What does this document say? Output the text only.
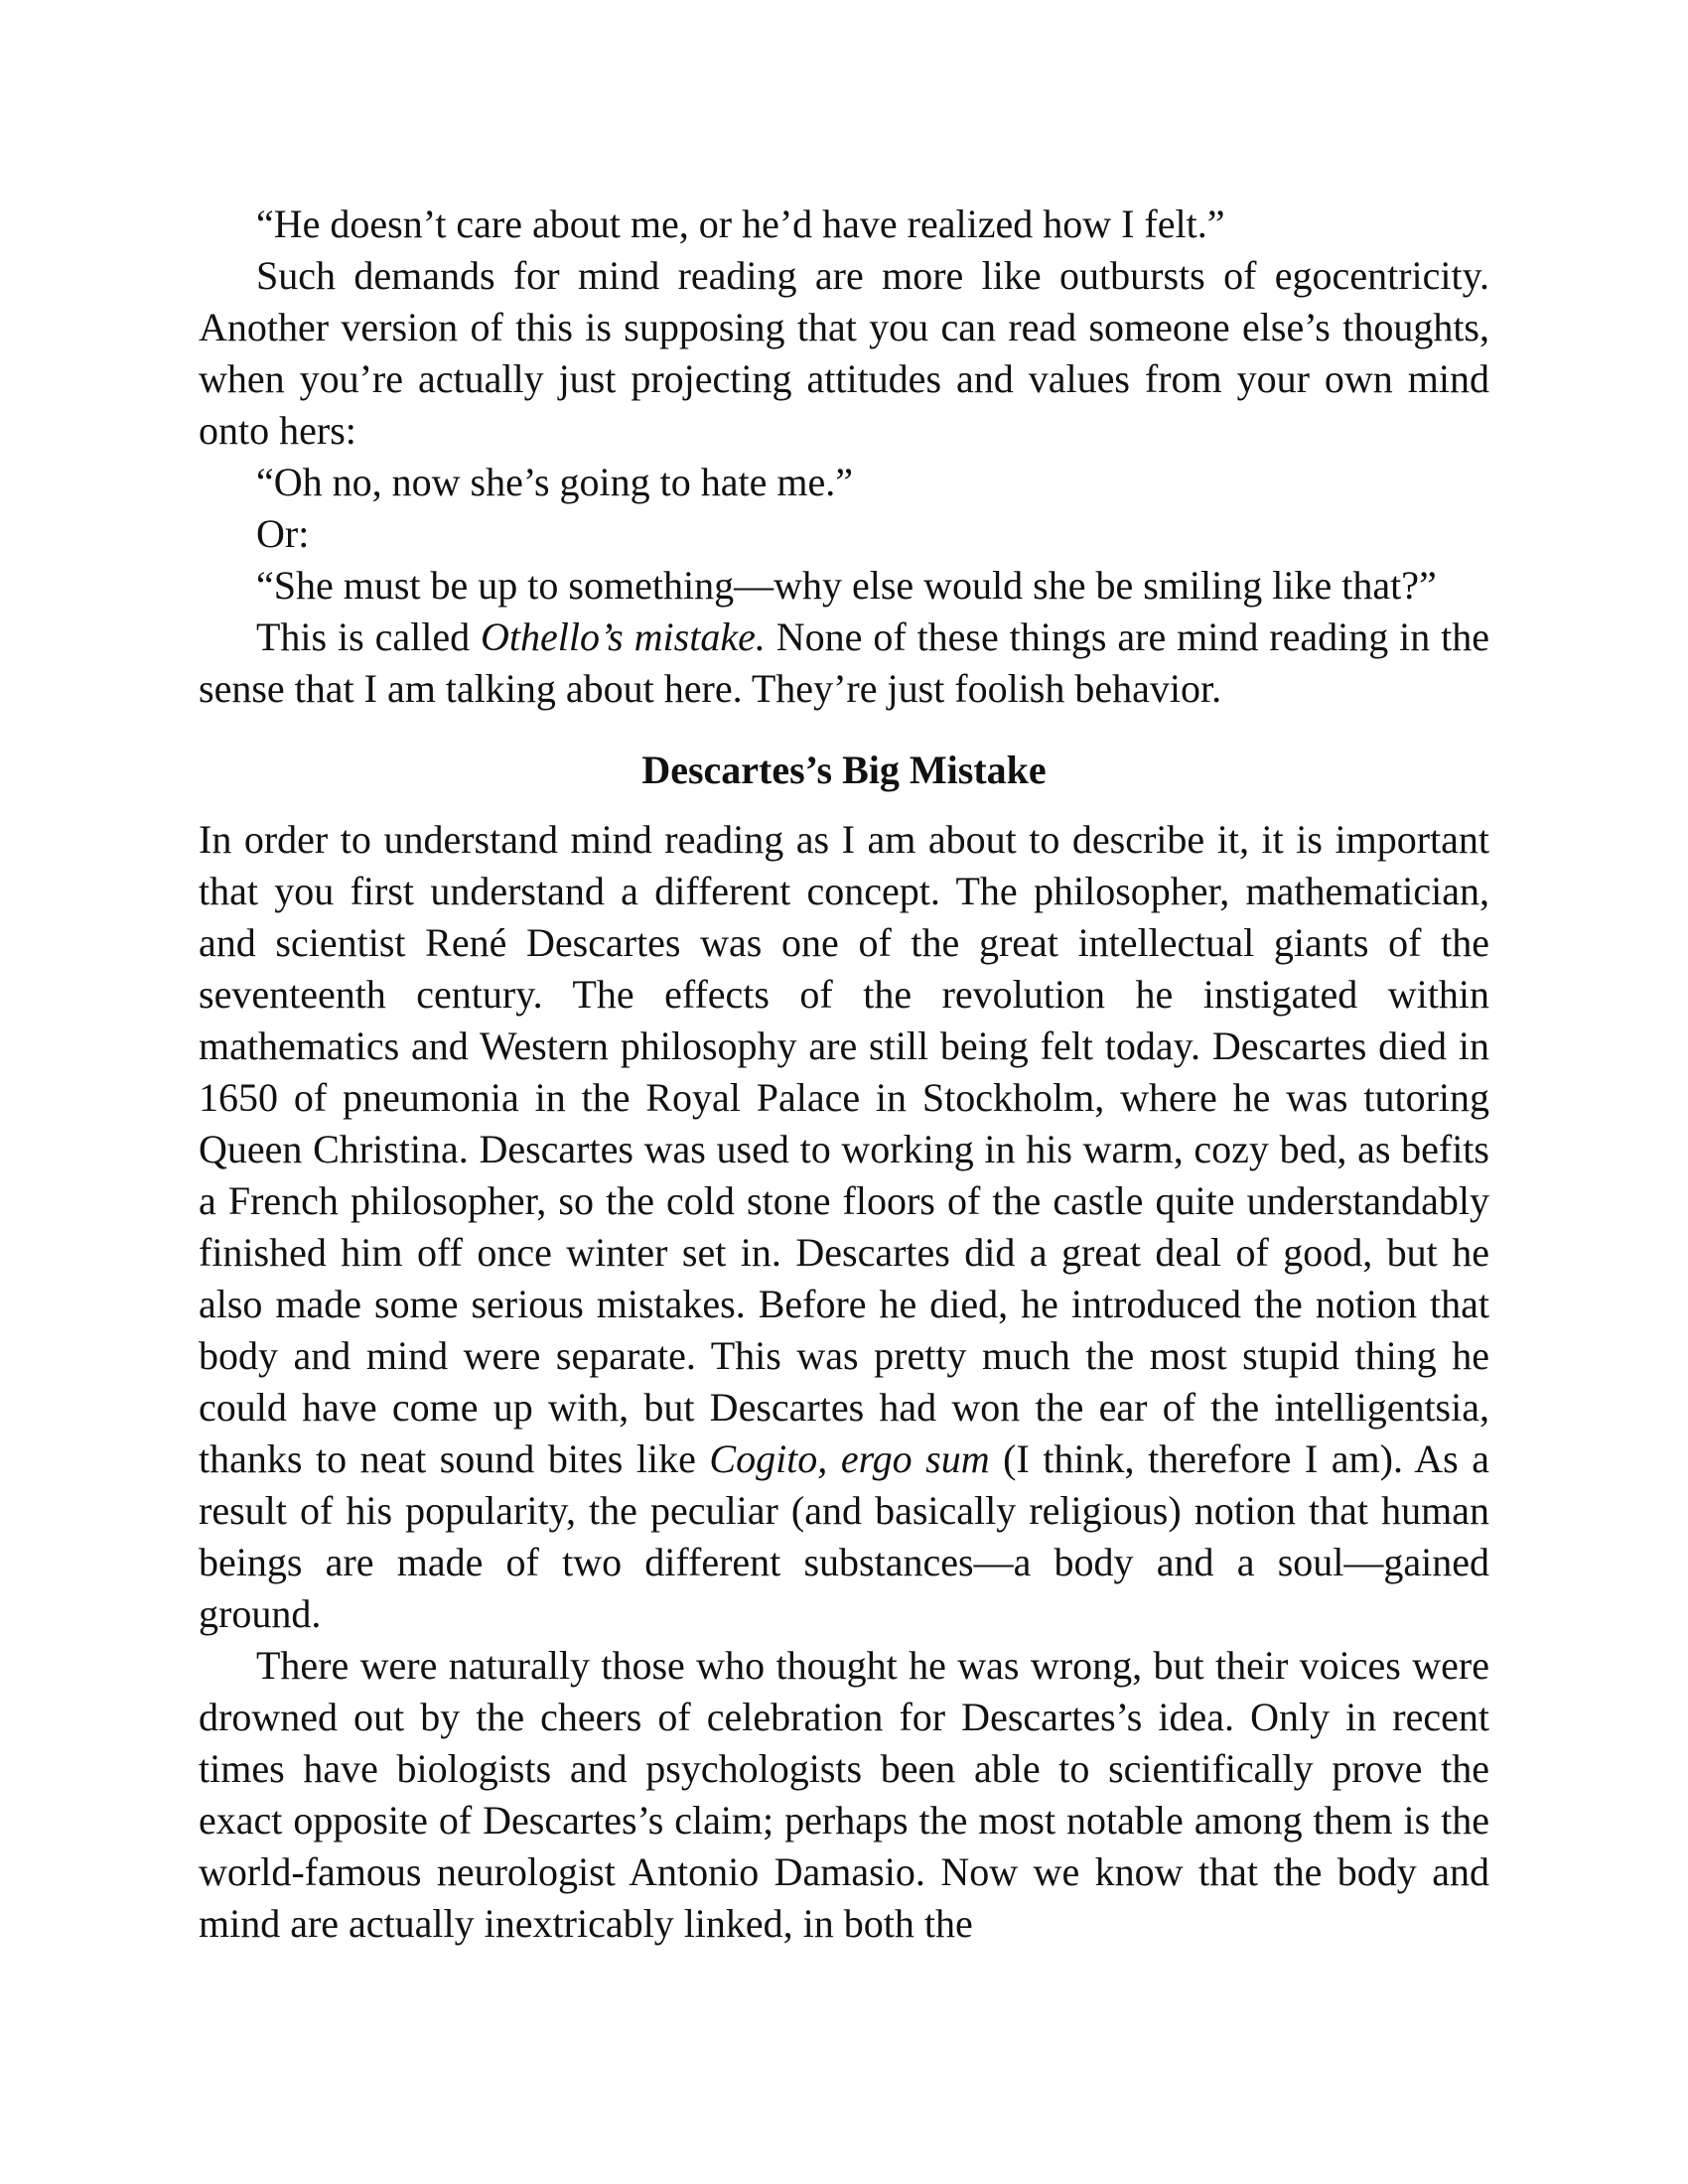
“He doesn’t care about me, or he’d have realized how I felt.”

Such demands for mind reading are more like outbursts of egocentricity. Another version of this is supposing that you can read someone else’s thoughts, when you’re actually just projecting attitudes and values from your own mind onto hers:

“Oh no, now she’s going to hate me.”

Or:

“She must be up to something—why else would she be smiling like that?”

This is called Othello’s mistake. None of these things are mind reading in the sense that I am talking about here. They’re just foolish behavior.

Descartes’s Big Mistake

In order to understand mind reading as I am about to describe it, it is important that you first understand a different concept. The philosopher, mathematician, and scientist René Descartes was one of the great intellectual giants of the seventeenth century. The effects of the revolution he instigated within mathematics and Western philosophy are still being felt today. Descartes died in 1650 of pneumonia in the Royal Palace in Stockholm, where he was tutoring Queen Christina. Descartes was used to working in his warm, cozy bed, as befits a French philosopher, so the cold stone floors of the castle quite understandably finished him off once winter set in. Descartes did a great deal of good, but he also made some serious mistakes. Before he died, he introduced the notion that body and mind were separate. This was pretty much the most stupid thing he could have come up with, but Descartes had won the ear of the intelligentsia, thanks to neat sound bites like Cogito, ergo sum (I think, therefore I am). As a result of his popularity, the peculiar (and basically religious) notion that human beings are made of two different substances—a body and a soul—gained ground.

There were naturally those who thought he was wrong, but their voices were drowned out by the cheers of celebration for Descartes’s idea. Only in recent times have biologists and psychologists been able to scientifically prove the exact opposite of Descartes’s claim; perhaps the most notable among them is the world-famous neurologist Antonio Damasio. Now we know that the body and mind are actually inextricably linked, in both the
